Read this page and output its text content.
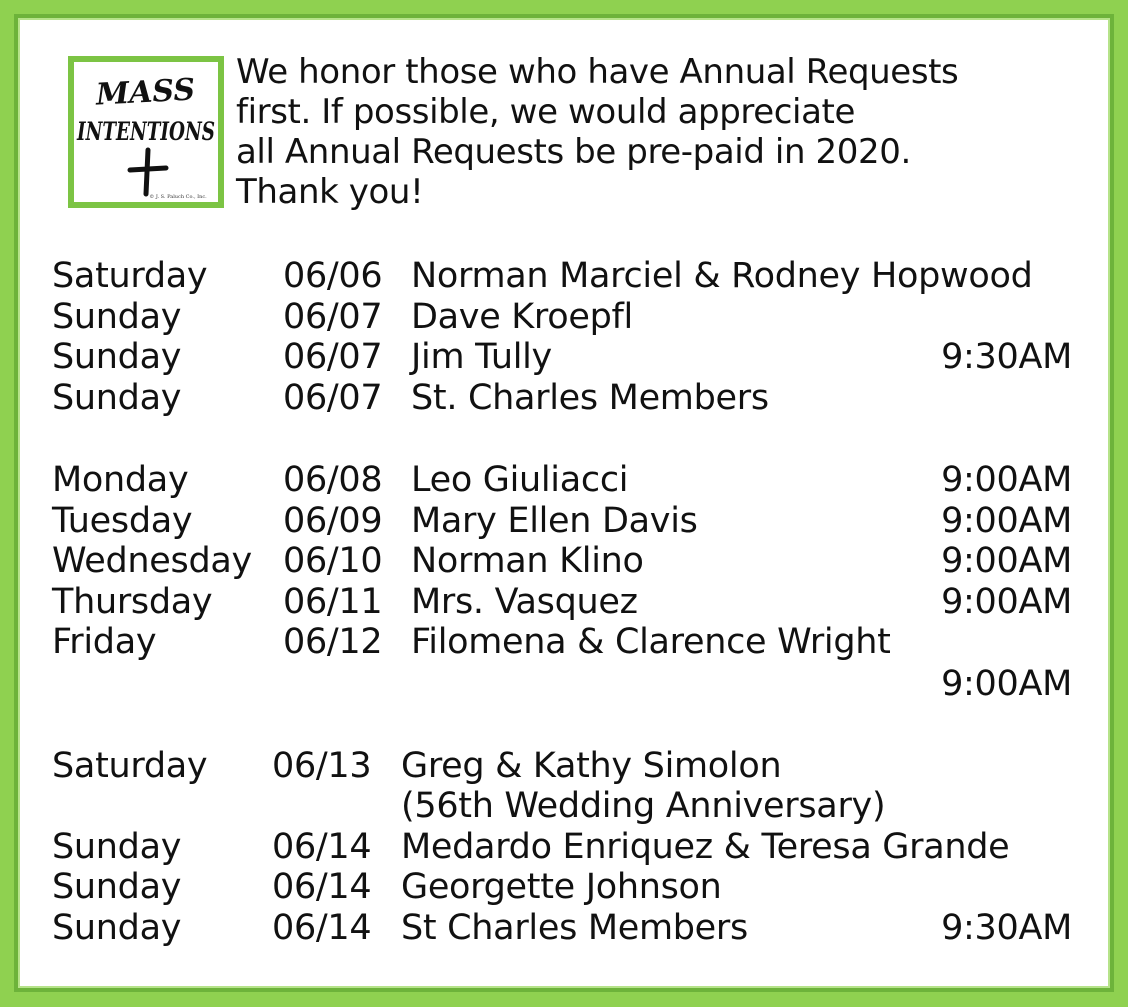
MASS
INTENTIONS
© J. S. Paluch Co., Inc.
We honor those who have Annual Requests
first. If possible, we would appreciate
all Annual Requests be pre-paid in 2020.
Thank you!
Saturday 06/06 Norman Marciel & Rodney Hopwood
Sunday	06/07 Dave Kroepfl
Sunday	06/07 Jim Tully	9:30AM
Sunday	06/07 St. Charles Members
Monday	06/08 Leo Giuliacci	9:00AM
Tuesday	06/09 Mary Ellen Davis	9:00AM
Wednesday 06/10 Norman Klino	9:00AM
Thursday 06/11 Mrs. Vasquez	9:00AM
Friday	06/12 Filomena & Clarence Wright
9:00AM
Saturday 06/13 Greg & Kathy Simolon
(56th Wedding Anniversary)
Sunday	06/14 Medardo Enriquez & Teresa Grande
Sunday	06/14 Georgette Johnson
Sunday	06/14 St Charles Members	9:30AM
